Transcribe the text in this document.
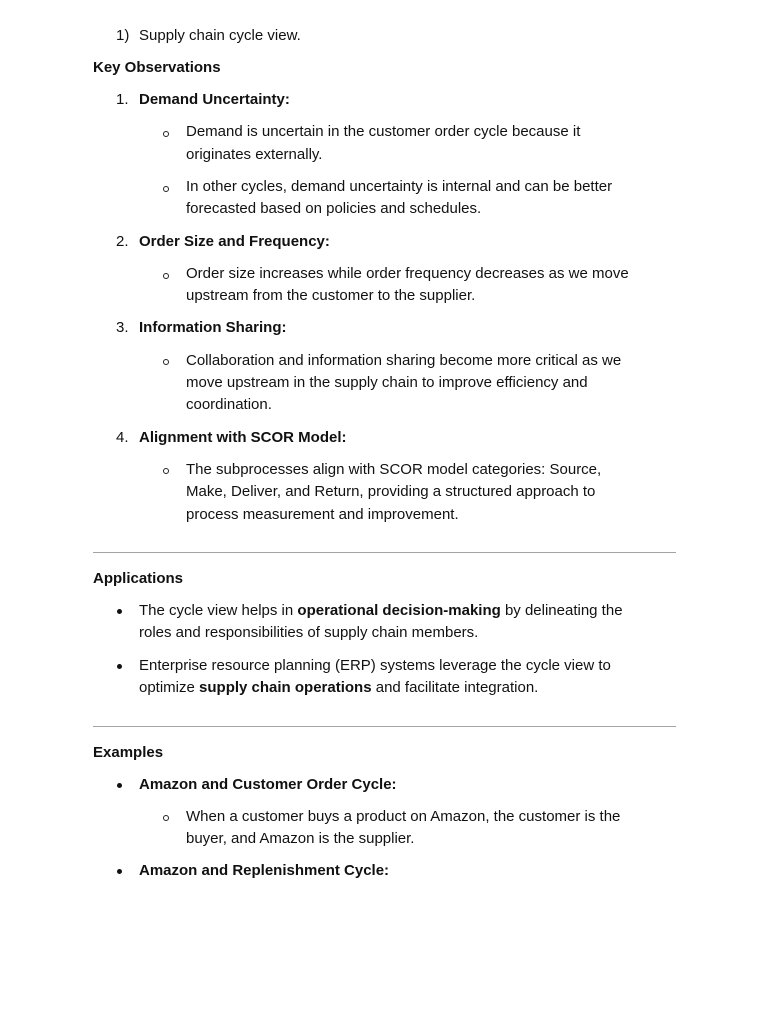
1) Supply chain cycle view.
Key Observations
1. Demand Uncertainty:
Demand is uncertain in the customer order cycle because it
originates externally.
In other cycles, demand uncertainty is internal and can be better
forecasted based on policies and schedules.
2. Order Size and Frequency:
Order size increases while order frequency decreases as we move
upstream from the customer to the supplier.
3. Information Sharing:
Collaboration and information sharing become more critical as we
move upstream in the supply chain to improve efficiency and
coordination.
4. Alignment with SCOR Model:
The subprocesses align with SCOR model categories: Source,
Make, Deliver, and Return, providing a structured approach to
process measurement and improvement.
Applications
The cycle view helps in operational decision-making by delineating the
roles and responsibilities of supply chain members.
Enterprise resource planning (ERP) systems leverage the cycle view to
optimize supply chain operations and facilitate integration.
Examples
Amazon and Customer Order Cycle:
When a customer buys a product on Amazon, the customer is the
buyer, and Amazon is the supplier.
Amazon and Replenishment Cycle:
